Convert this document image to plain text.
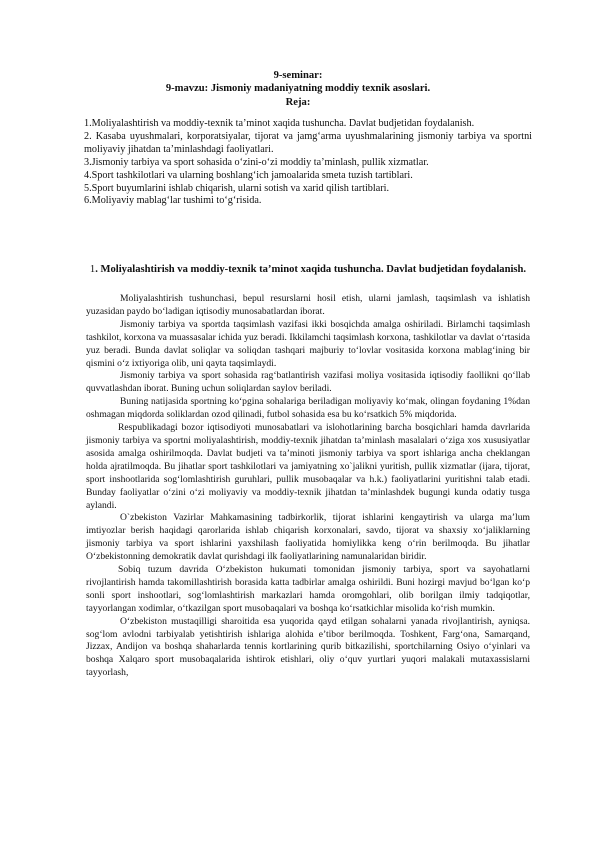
9-seminar:
9-mavzu: Jismoniy madaniyatning moddiy texnik asoslari.
Reja:

1.Moliyalashtirish va moddiy-texnik ta’minot xaqida tushuncha. Davlat budjetidan foydalanish.

2. Kasaba uyushmalari, korporatsiyalar, tijorat va jamg‘arma uyushmalarining jismoniy tarbiya va sportni moliyaviy jihatdan ta’minlashdagi faoliyatlari.

3.Jismoniy tarbiya va sport sohasida o‘zini-o‘zi moddiy ta’minlash, pullik xizmatlar.

4.Sport tashkilotlari va ularning boshlang‘ich jamoalarida smeta tuzish tartiblari.

5.Sport buyumlarini ishlab chiqarish, ularni sotish va xarid qilish tartiblari.

6.Moliyaviy mablag‘lar tushimi to‘g‘risida.

1. Moliyalashtirish va moddiy-texnik ta’minot xaqida tushuncha. Davlat budjetidan foydalanish.

Moliyalashtirish tushunchasi, bepul resurslarni hosil etish, ularni jamlash, taqsimlash va ishlatish yuzasidan paydo bo‘ladigan iqtisodiy munosabatlardan iborat.

Jismoniy tarbiya va sportda taqsimlash vazifasi ikki bosqichda amalga oshiriladi. Birlamchi taqsimlash tashkilot, korxona va muassasalar ichida yuz beradi. Ikkilamchi taqsimlash korxona, tashkilotlar va davlat o‘rtasida yuz beradi. Bunda davlat soliqlar va soliqdan tashqari majburiy to‘lovlar vositasida korxona mablag‘ining bir qismini o‘z ixtiyoriga olib, uni qayta taqsimlaydi.

Jismoniy tarbiya va sport sohasida rag‘batlantirish vazifasi moliya vositasida iqtisodiy faollikni qo‘llab quvvatlashdan iborat. Buning uchun soliqlardan saylov beriladi.

Buning natijasida sportning ko‘pgina sohalariga beriladigan moliyaviy ko‘mak, olingan foydaning 1%dan oshmagan miqdorda soliklardan ozod qilinadi, futbol sohasida esa bu ko‘rsatkich 5% miqdorida.

Respublikadagi bozor iqtisodiyoti munosabatlari va islohotlarining barcha bosqichlari hamda davrlarida jismoniy tarbiya va sportni moliyalashtirish, moddiy-texnik jihatdan ta’minlash masalalari o‘ziga xos xususiyatlar asosida amalga oshirilmoqda. Davlat budjeti va ta’minoti jismoniy tarbiya va sport ishlariga ancha cheklangan holda ajratilmoqda. Bu jihatlar sport tashkilotlari va jamiyatning xo`jalikni yuritish, pullik xizmatlar (ijara, tijorat, sport inshootlarida sog‘lomlashtirish guruhlari, pullik musobaqalar va h.k.) faoliyatlarini yuritishni talab etadi. Bunday faoliyatlar o‘zini o‘zi moliyaviy va moddiy-texnik jihatdan ta’minlashdek bugungi kunda odatiy tusga aylandi.

O`zbekiston Vazirlar Mahkamasining tadbirkorlik, tijorat ishlarini kengaytirish va ularga ma’lum imtiyozlar berish haqidagi qarorlarida ishlab chiqarish korxonalari, savdo, tijorat va shaxsiy xo‘jaliklarning jismoniy tarbiya va sport ishlarini yaxshilash faoliyatida homiylikka keng o‘rin berilmoqda. Bu jihatlar O‘zbekistonning demokratik davlat qurishdagi ilk faoliyatlarining namunalaridan biridir.

Sobiq tuzum davrida O‘zbekiston hukumati tomonidan jismoniy tarbiya, sport va sayohatlarni rivojlantirish hamda takomillashtirish borasida katta tadbirlar amalga oshirildi. Buni hozirgi mavjud bo‘lgan ko‘p sonli sport inshootlari, sog‘lomlashtirish markazlari hamda oromgohlari, olib borilgan ilmiy tadqiqotlar, tayyorlangan xodimlar, o‘tkazilgan sport musobaqalari va boshqa ko‘rsatkichlar misolida ko‘rish mumkin.

O‘zbekiston mustaqilligi sharoitida esa yuqorida qayd etilgan sohalarni yanada rivojlantirish, ayniqsa. sog‘lom avlodni tarbiyalab yetishtirish ishlariga alohida e’tibor berilmoqda. Toshkent, Farg‘ona, Samarqand, Jizzax, Andijon va boshqa shaharlarda tennis kortlarining qurib bitkazilishi, sportchilarning Osiyo o‘yinlari va boshqa Xalqaro sport musobaqalarida ishtirok etishlari, oliy o‘quv yurtlari yuqori malakali mutaxassislarni tayyorlash,
